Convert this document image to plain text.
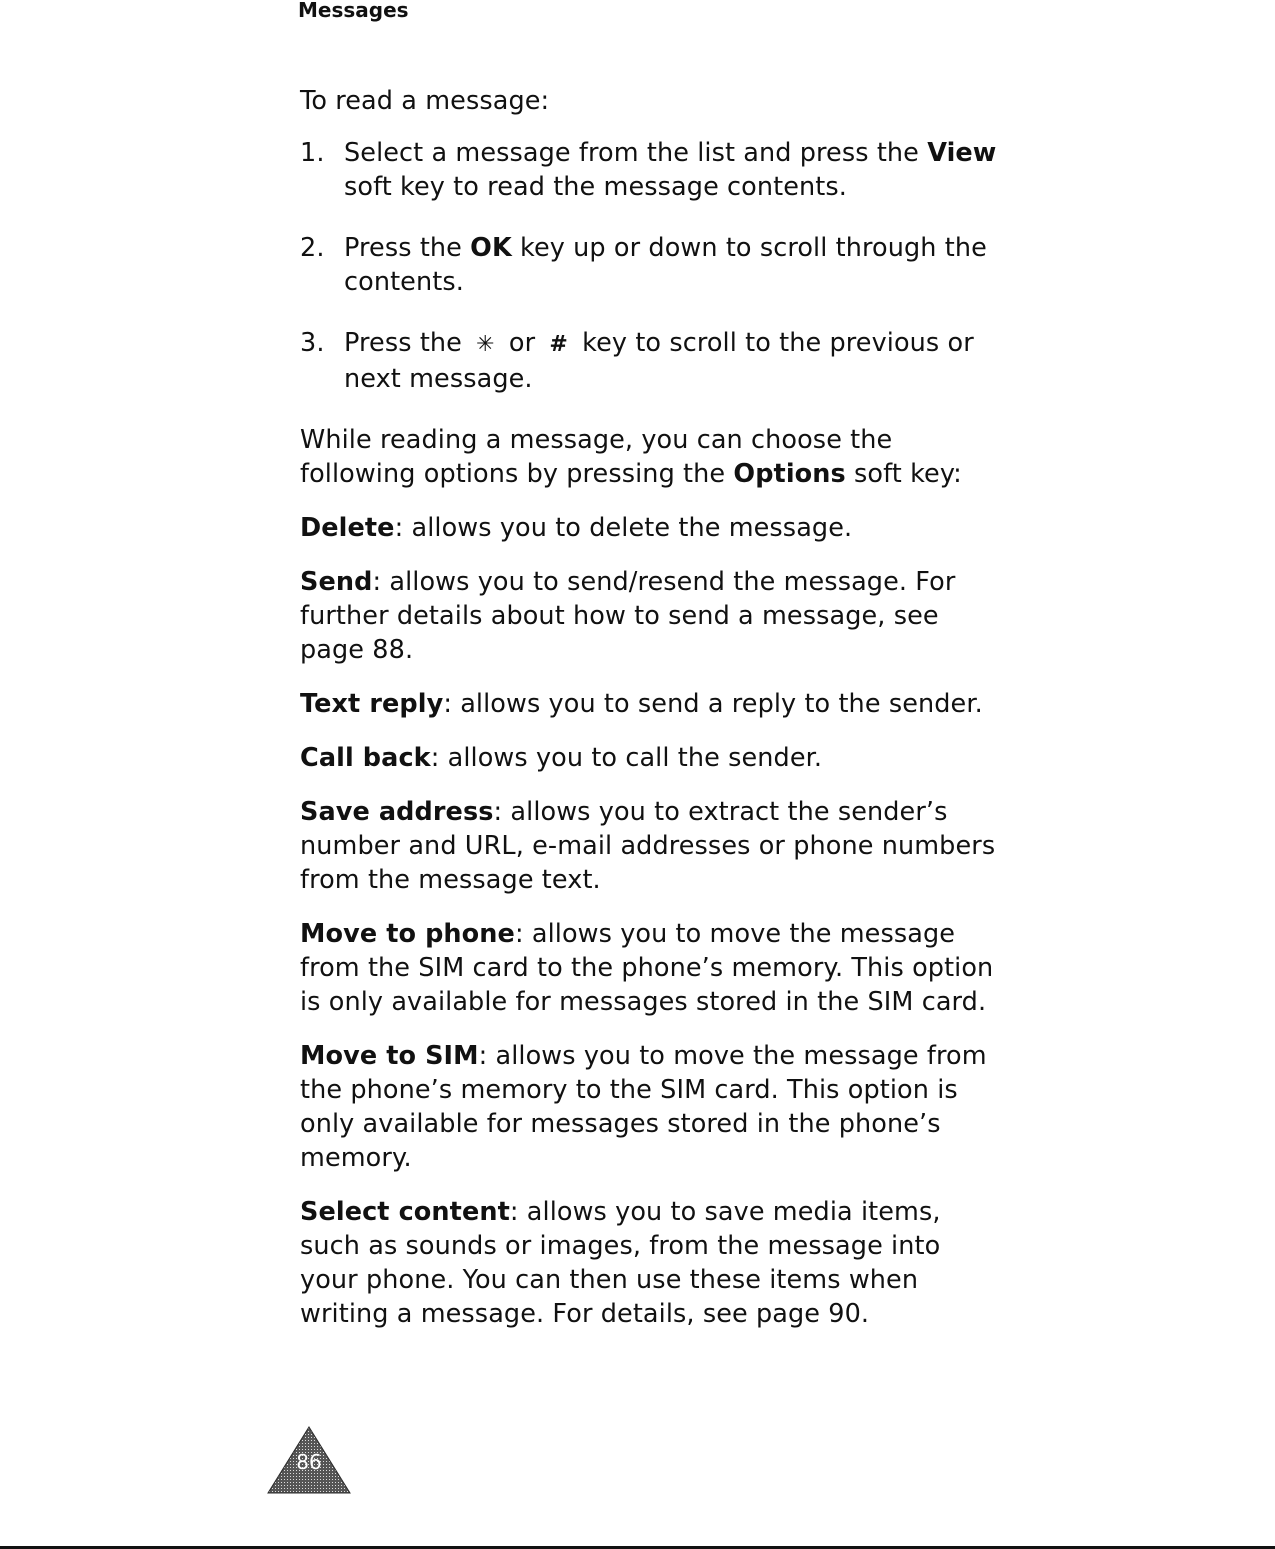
Messages

To read a message:

1. Select a message from the list and press the View soft key to read the message contents.
2. Press the OK key up or down to scroll through the contents.
3. Press the ✳ or # key to scroll to the previous or next message.

While reading a message, you can choose the following options by pressing the Options soft key:

Delete: allows you to delete the message.

Send: allows you to send/resend the message. For further details about how to send a message, see page 88.

Text reply: allows you to send a reply to the sender.

Call back: allows you to call the sender.

Save address: allows you to extract the sender’s number and URL, e-mail addresses or phone numbers from the message text.

Move to phone: allows you to move the message from the SIM card to the phone’s memory. This option is only available for messages stored in the SIM card.

Move to SIM: allows you to move the message from the phone’s memory to the SIM card. This option is only available for messages stored in the phone’s memory.

Select content: allows you to save media items, such as sounds or images, from the message into your phone. You can then use these items when writing a message. For details, see page 90.

86
